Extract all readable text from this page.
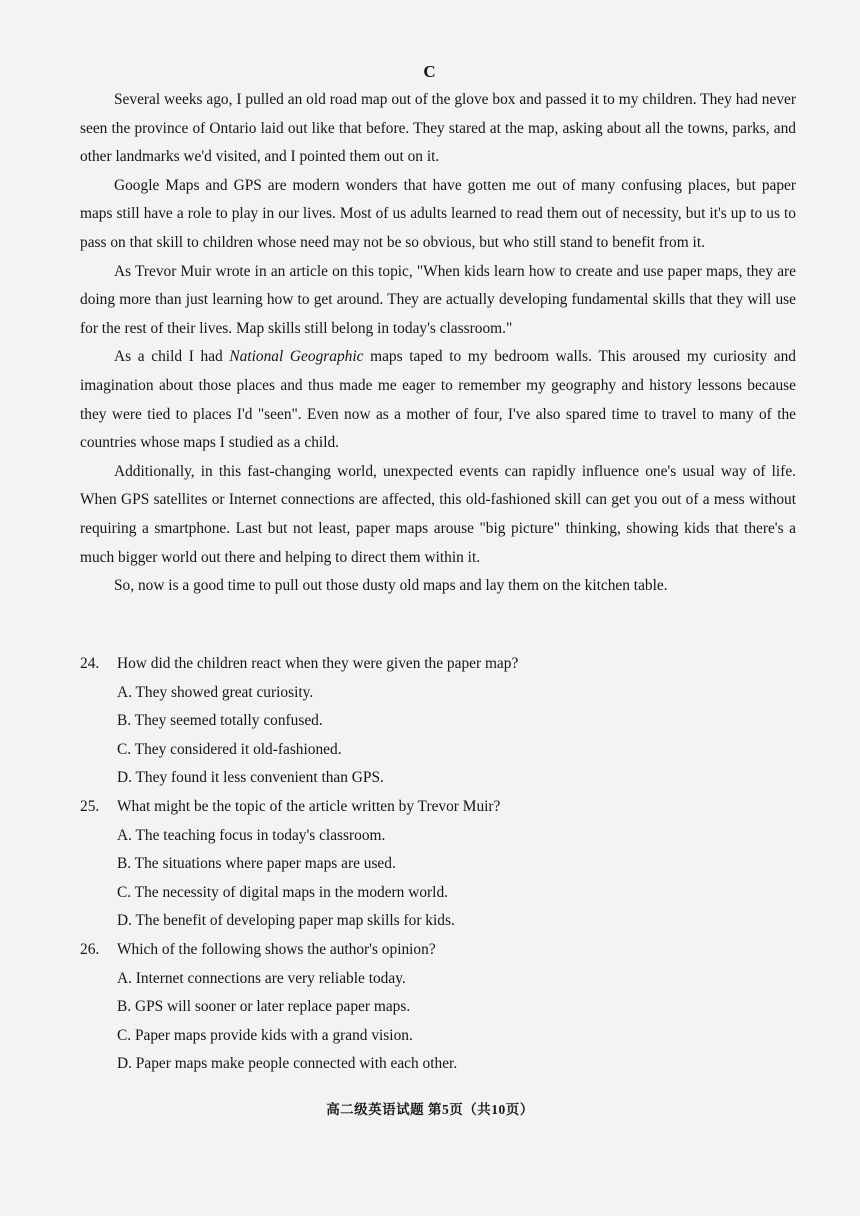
C

Several weeks ago, I pulled an old road map out of the glove box and passed it to my children. They had never seen the province of Ontario laid out like that before. They stared at the map, asking about all the towns, parks, and other landmarks we'd visited, and I pointed them out on it.

Google Maps and GPS are modern wonders that have gotten me out of many confusing places, but paper maps still have a role to play in our lives. Most of us adults learned to read them out of necessity, but it's up to us to pass on that skill to children whose need may not be so obvious, but who still stand to benefit from it.

As Trevor Muir wrote in an article on this topic, "When kids learn how to create and use paper maps, they are doing more than just learning how to get around. They are actually developing fundamental skills that they will use for the rest of their lives. Map skills still belong in today's classroom."

As a child I had National Geographic maps taped to my bedroom walls. This aroused my curiosity and imagination about those places and thus made me eager to remember my geography and history lessons because they were tied to places I'd "seen". Even now as a mother of four, I've also spared time to travel to many of the countries whose maps I studied as a child.

Additionally, in this fast-changing world, unexpected events can rapidly influence one's usual way of life. When GPS satellites or Internet connections are affected, this old-fashioned skill can get you out of a mess without requiring a smartphone. Last but not least, paper maps arouse "big picture" thinking, showing kids that there's a much bigger world out there and helping to direct them within it.

So, now is a good time to pull out those dusty old maps and lay them on the kitchen table.

24.	How did the children react when they were given the paper map?
A. They showed great curiosity.
B. They seemed totally confused.
C. They considered it old-fashioned.
D. They found it less convenient than GPS.
25.	What might be the topic of the article written by Trevor Muir?
A. The teaching focus in today's classroom.
B. The situations where paper maps are used.
C. The necessity of digital maps in the modern world.
D. The benefit of developing paper map skills for kids.
26.	Which of the following shows the author's opinion?
A. Internet connections are very reliable today.
B. GPS will sooner or later replace paper maps.
C. Paper maps provide kids with a grand vision.
D. Paper maps make people connected with each other.
高二级英语试题 第5页（共10页）
